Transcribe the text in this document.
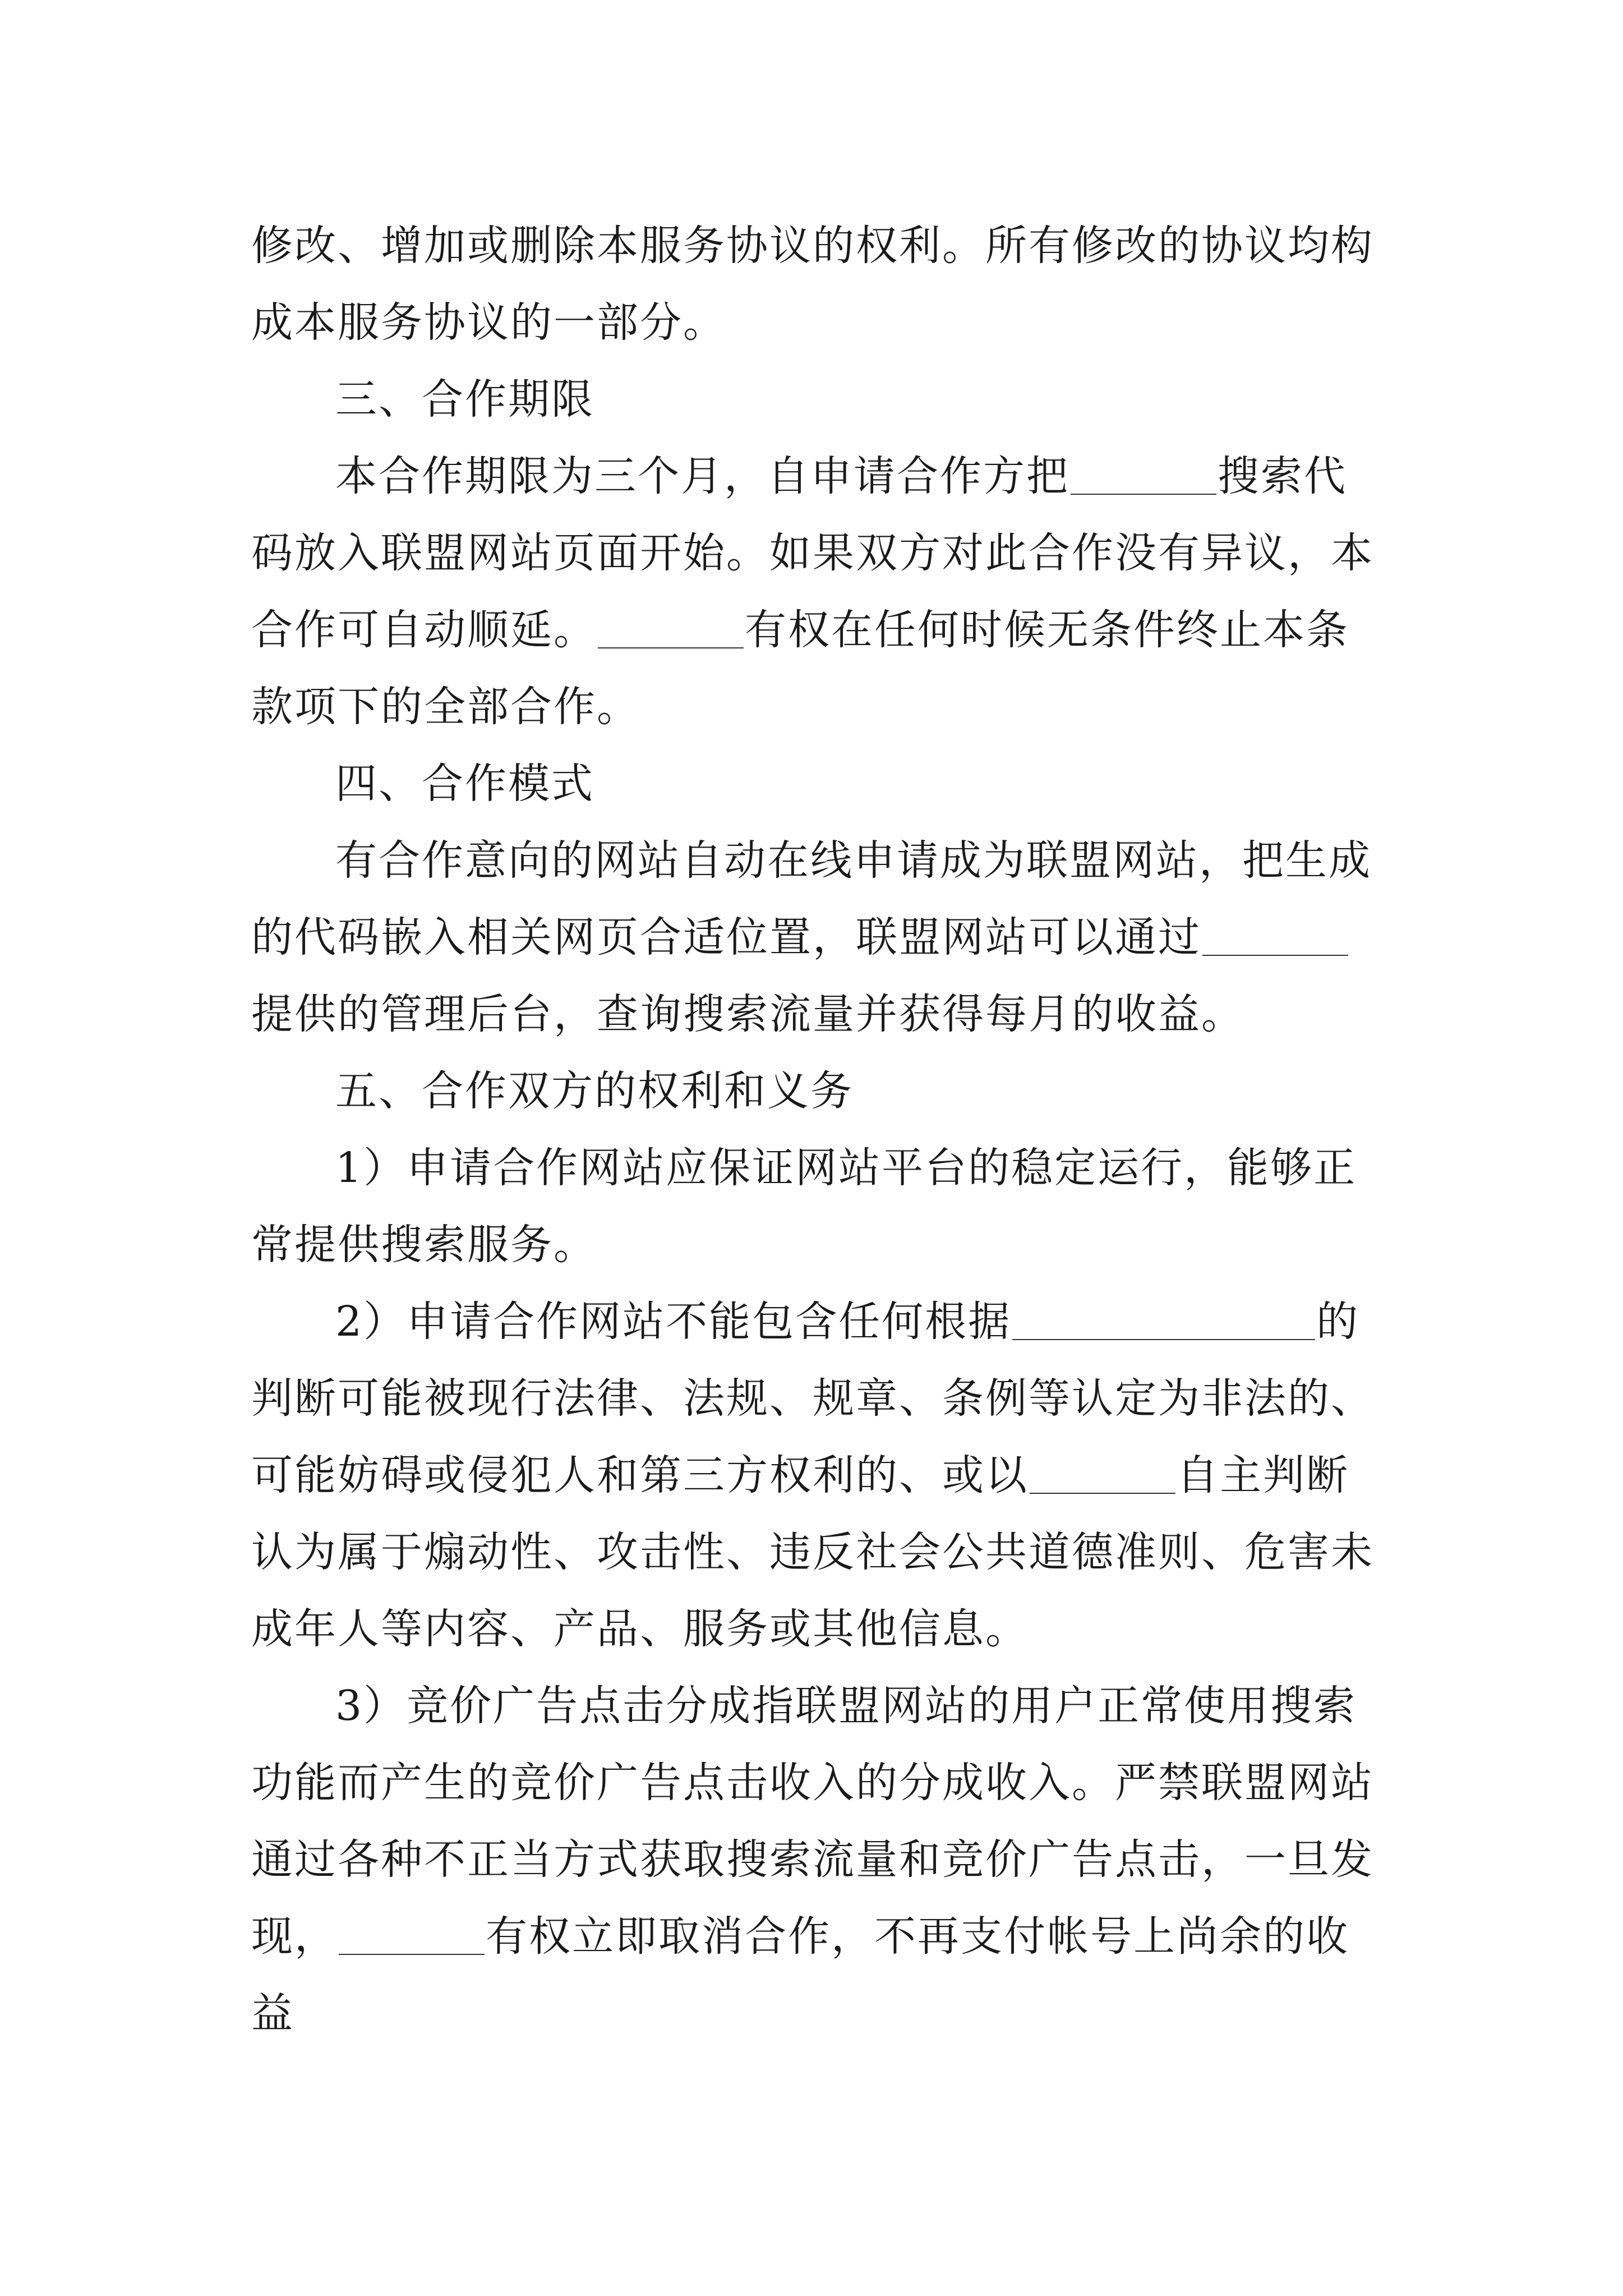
修改、增加或删除本服务协议的权利。所有修改的协议均构
成本服务协议的一部分。
三、合作期限
本合作期限为三个月，自申请合作方把	搜索代
码放入联盟网站页面开始。如果双方对此合作没有异议，本
合作可自动顺延。	有权在任何时候无条件终止本条
款项下的全部合作。
四、合作模式
有合作意向的网站自动在线申请成为联盟网站，把生成
的代码嵌入相关网页合适位置，联盟网站可以通过
提供的管理后台，查询搜索流量并获得每月的收益。
五、合作双方的权利和义务
1）申请合作网站应保证网站平台的稳定运行，能够正
常提供搜索服务。
2）申请合作网站不能包含任何根据	的
判断可能被现行法律、法规、规章、条例等认定为非法的、
可能妨碍或侵犯人和第三方权利的、或以	自主判断
认为属于煽动性、攻击性、违反社会公共道德准则、危害未
成年人等内容、产品、服务或其他信息。
3）竞价广告点击分成指联盟网站的用户正常使用搜索
功能而产生的竞价广告点击收入的分成收入。严禁联盟网站
通过各种不正当方式获取搜索流量和竞价广告点击，一旦发
现，	有权立即取消合作，不再支付帐号上尚余的收
益
